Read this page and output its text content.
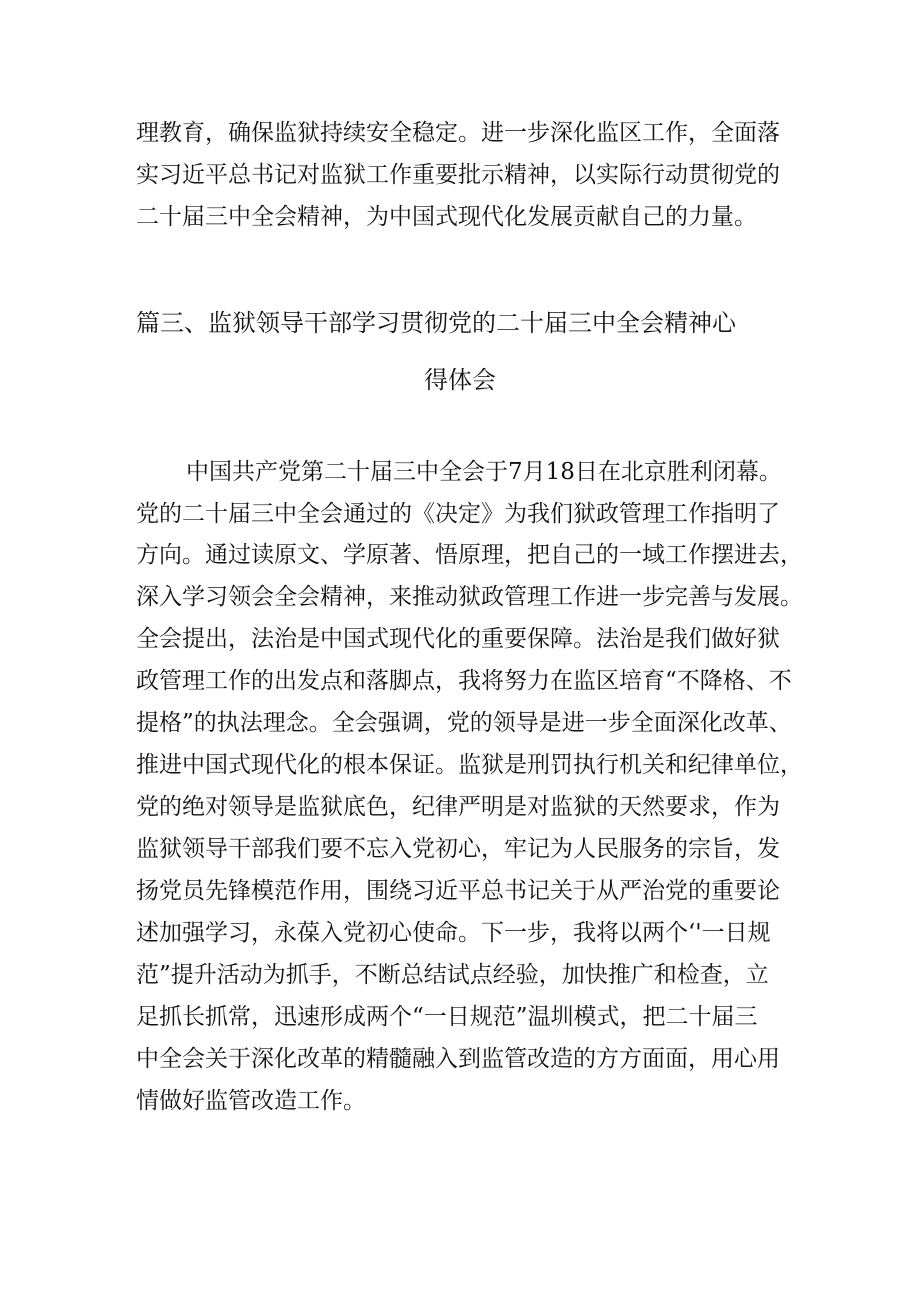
理教育，确保监狱持续安全稳定。进一步深化监区工作，全面落
实习近平总书记对监狱工作重要批示精神，以实际行动贯彻党的
二十届三中全会精神，为中国式现代化发展贡献自己的力量。
篇三、监狱领导干部学习贯彻党的二十届三中全会精神心
得体会
中国共产党第二十届三中全会于7月18日在北京胜利闭幕。
党的二十届三中全会通过的《决定》为我们狱政管理工作指明了
方向。通过读原文、学原著、悟原理，把自己的一域工作摆进去，
深入学习领会全会精神，来推动狱政管理工作进一步完善与发展。
全会提出，法治是中国式现代化的重要保障。法治是我们做好狱
政管理工作的出发点和落脚点，我将努力在监区培育“不降格、不
提格”的执法理念。全会强调，党的领导是进一步全面深化改革、
推进中国式现代化的根本保证。监狱是刑罚执行机关和纪律单位，
党的绝对领导是监狱底色，纪律严明是对监狱的天然要求，作为
监狱领导干部我们要不忘入党初心，牢记为人民服务的宗旨，发
扬党员先锋模范作用，围绕习近平总书记关于从严治党的重要论
述加强学习，永葆入党初心使命。下一步，我将以两个‘'一日规
范”提升活动为抓手，不断总结试点经验，加快推广和检查，立
足抓长抓常，迅速形成两个“一日规范”温圳模式，把二十届三
中全会关于深化改革的精髓融入到监管改造的方方面面，用心用
情做好监管改造工作。
